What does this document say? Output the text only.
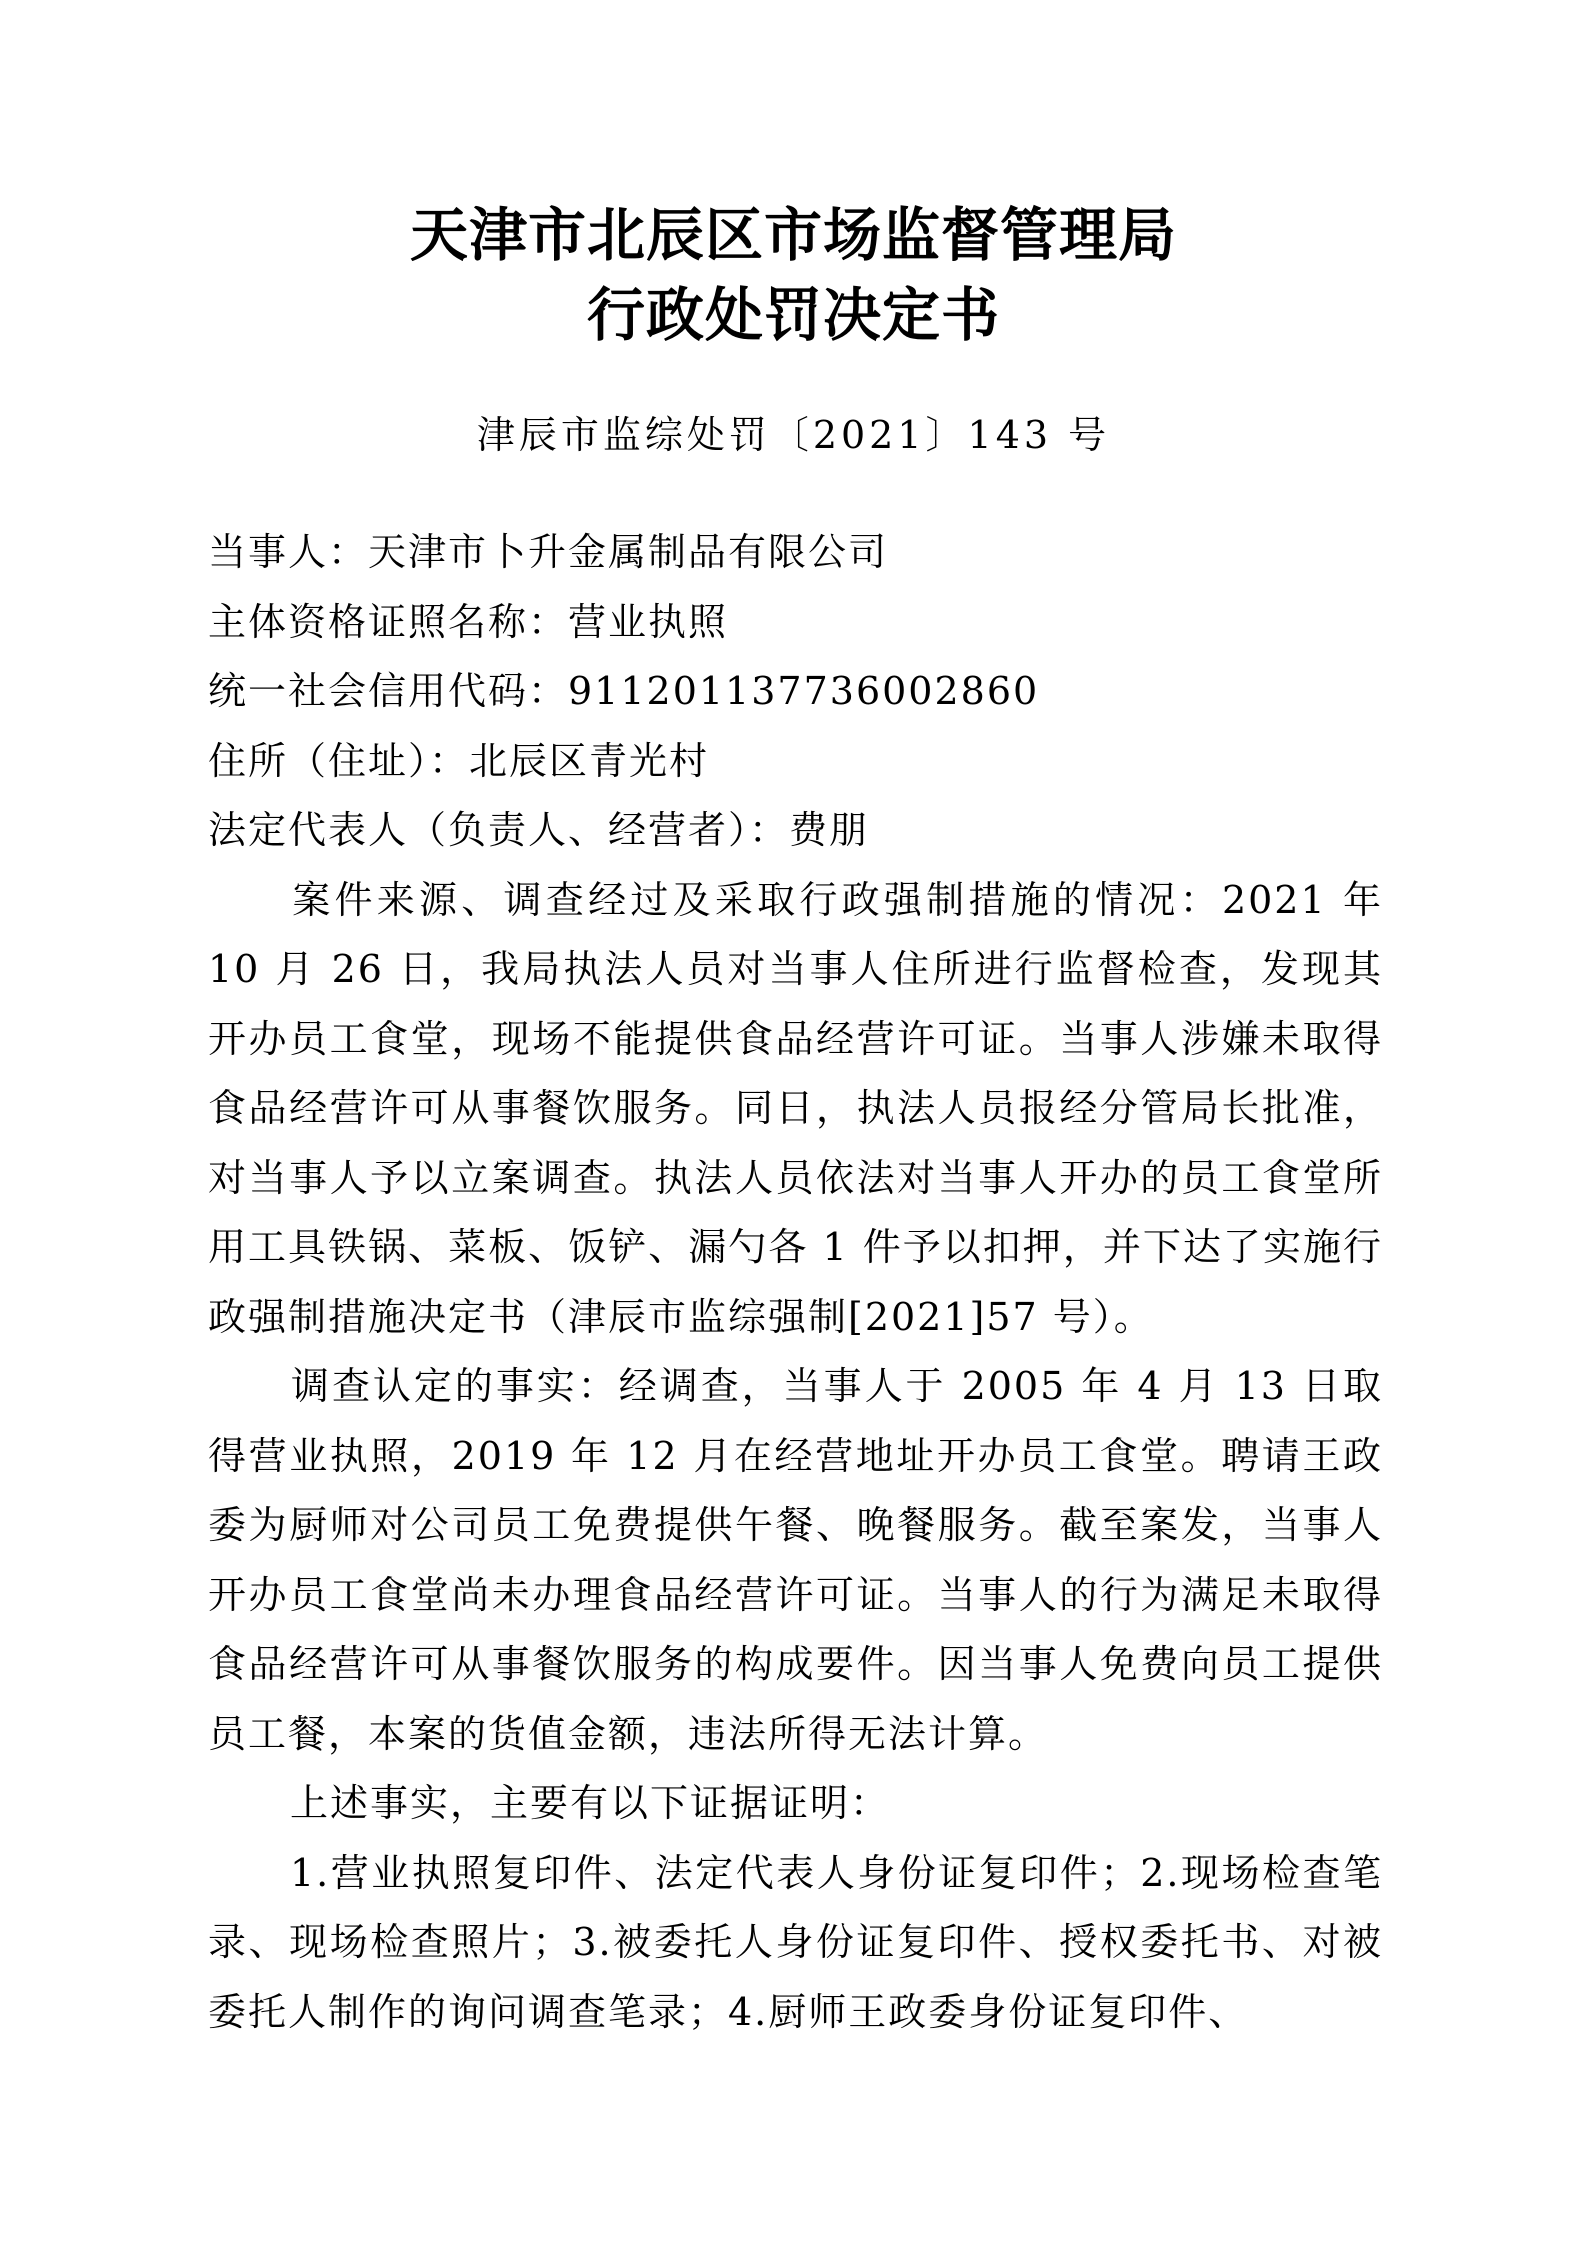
天津市北辰区市场监督管理局
行政处罚决定书
津辰市监综处罚〔2021〕143 号
当事人：天津市卜升金属制品有限公司
主体资格证照名称：营业执照
统一社会信用代码：911201137736002860
住所（住址）：北辰区青光村
法定代表人（负责人、经营者）：费朋
案件来源、调查经过及采取行政强制措施的情况：2021 年 10 月 26 日，我局执法人员对当事人住所进行监督检查，发现其开办员工食堂，现场不能提供食品经营许可证。当事人涉嫌未取得食品经营许可从事餐饮服务。同日，执法人员报经分管局长批准，对当事人予以立案调查。执法人员依法对当事人开办的员工食堂所用工具铁锅、菜板、饭铲、漏勺各 1 件予以扣押，并下达了实施行政强制措施决定书（津辰市监综强制[2021]57 号）。
调查认定的事实：经调查，当事人于 2005 年 4 月 13 日取得营业执照，2019 年 12 月在经营地址开办员工食堂。聘请王政委为厨师对公司员工免费提供午餐、晚餐服务。截至案发，当事人开办员工食堂尚未办理食品经营许可证。当事人的行为满足未取得食品经营许可从事餐饮服务的构成要件。因当事人免费向员工提供员工餐，本案的货值金额，违法所得无法计算。
上述事实，主要有以下证据证明：
1.营业执照复印件、法定代表人身份证复印件；2.现场检查笔录、现场检查照片；3.被委托人身份证复印件、授权委托书、对被委托人制作的询问调查笔录；4.厨师王政委身份证复印件、
